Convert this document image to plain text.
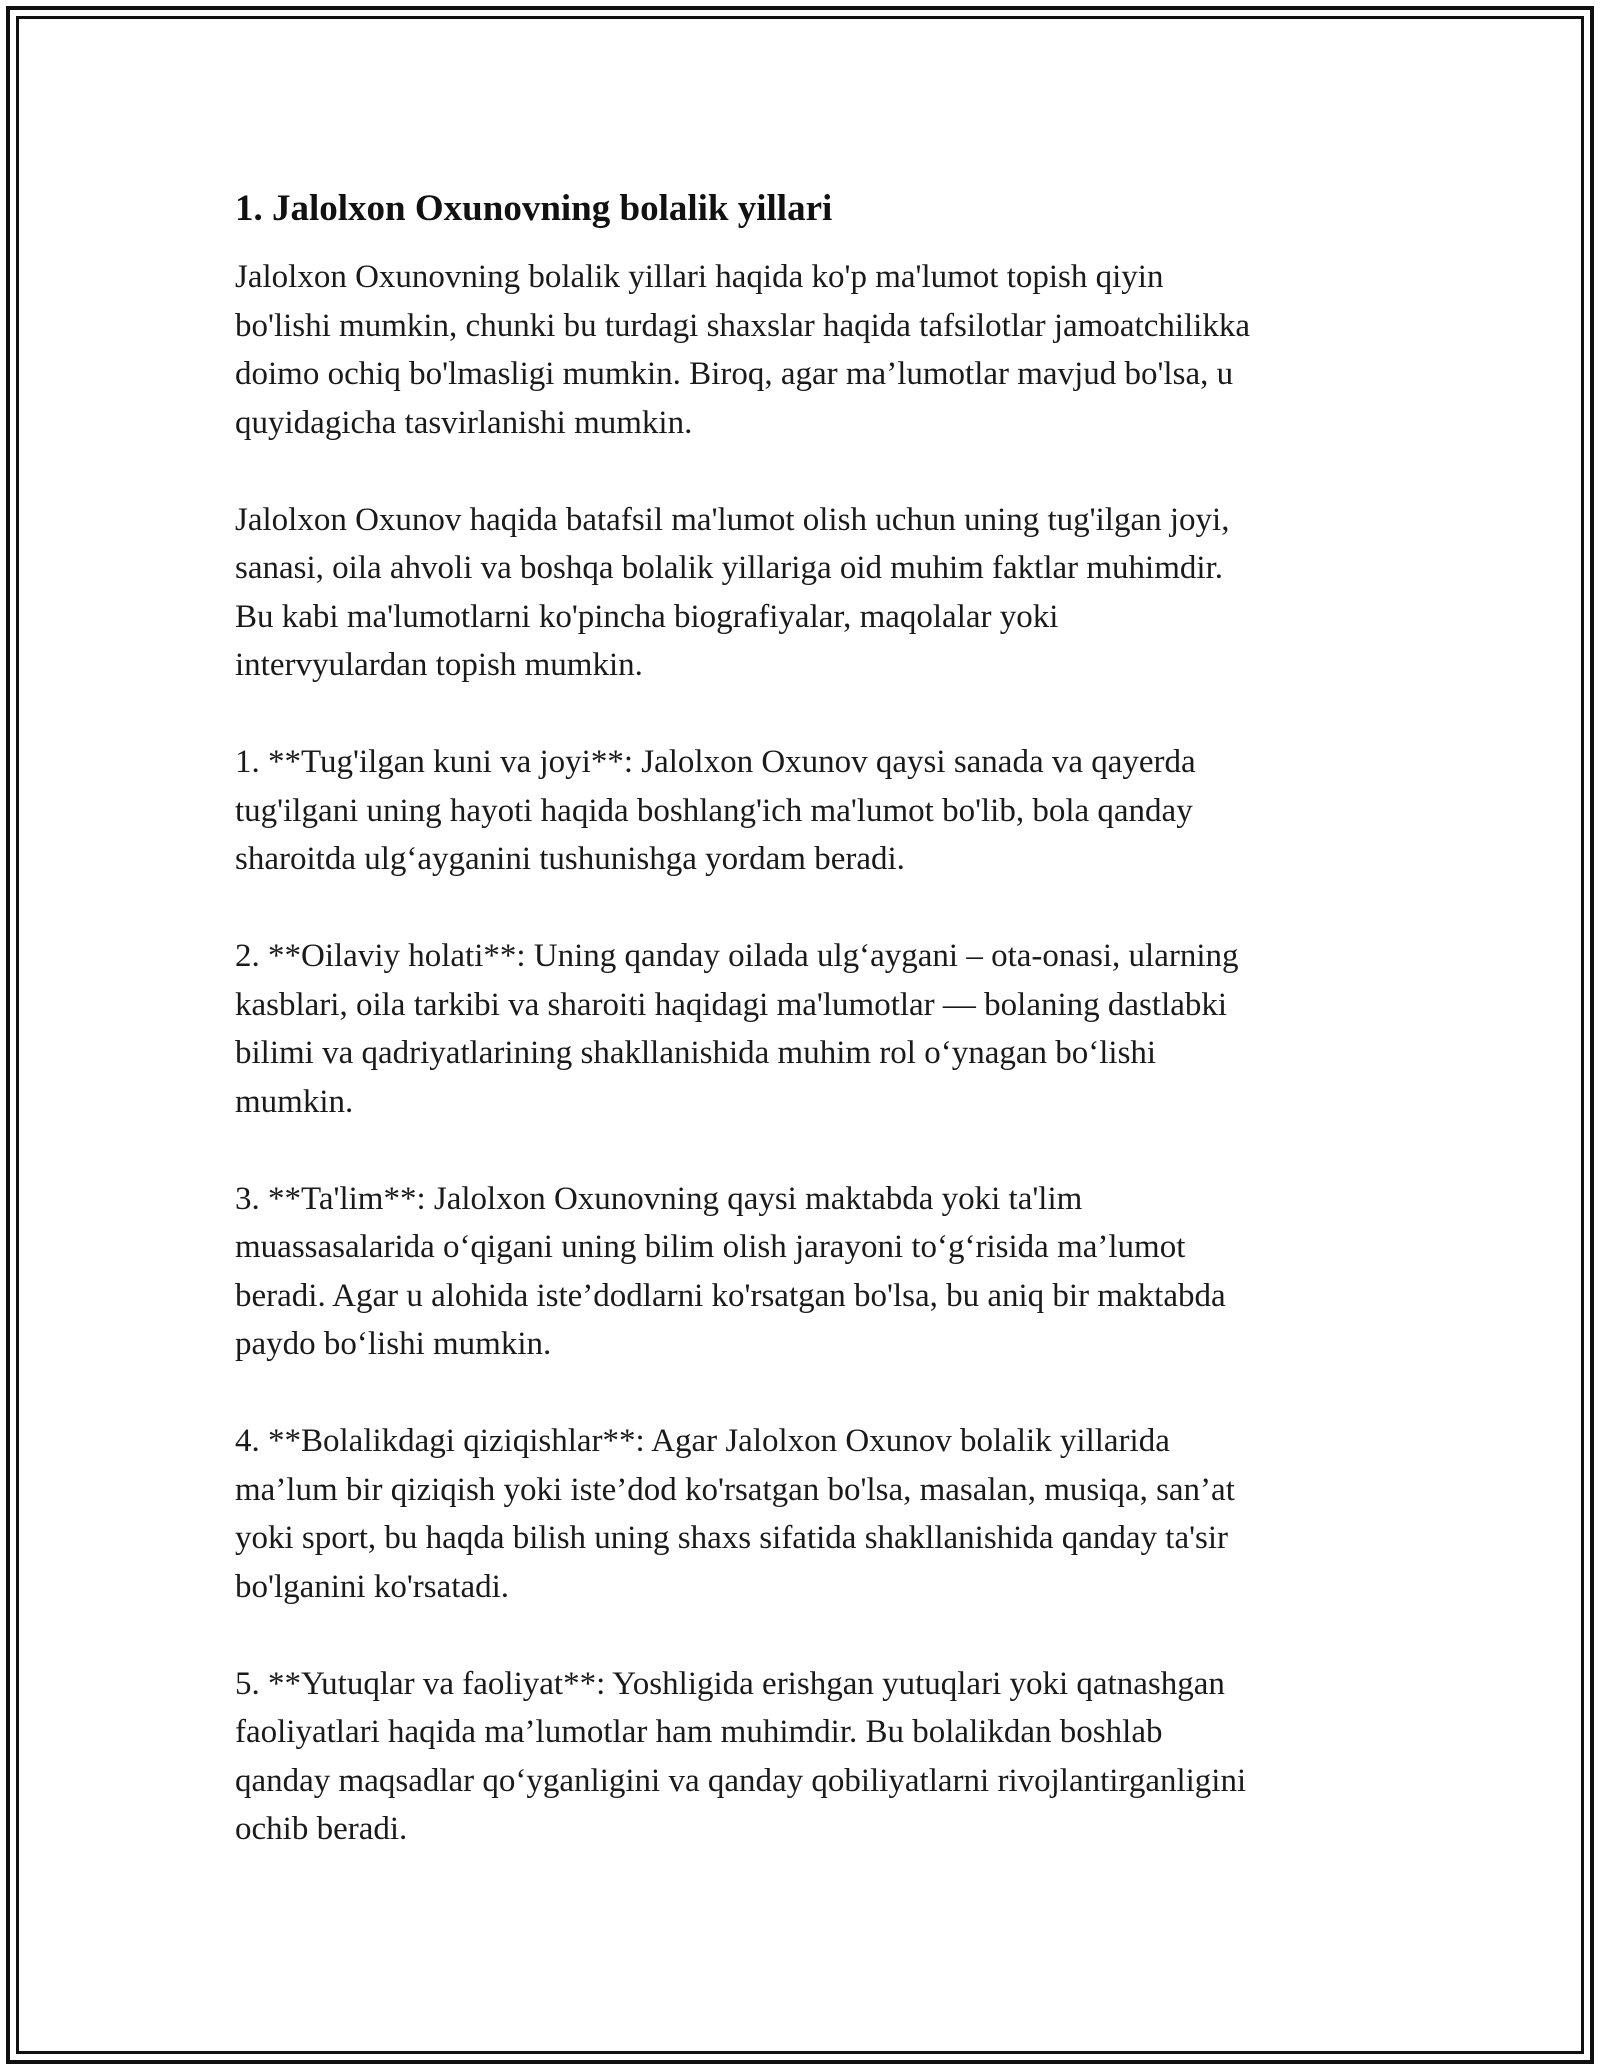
1. Jalolxon Oxunovning bolalik yillari

Jalolxon Oxunovning bolalik yillari haqida ko'p ma'lumot topish qiyin
bo'lishi mumkin, chunki bu turdagi shaxslar haqida tafsilotlar jamoatchilikka
doimo ochiq bo'lmasligi mumkin. Biroq, agar ma’lumotlar mavjud bo'lsa, u
quyidagicha tasvirlanishi mumkin.

Jalolxon Oxunov haqida batafsil ma'lumot olish uchun uning tug'ilgan joyi,
sanasi, oila ahvoli va boshqa bolalik yillariga oid muhim faktlar muhimdir.
Bu kabi ma'lumotlarni ko'pincha biografiyalar, maqolalar yoki
intervyulardan topish mumkin.

1. **Tug'ilgan kuni va joyi**: Jalolxon Oxunov qaysi sanada va qayerda
tug'ilgani uning hayoti haqida boshlang'ich ma'lumot bo'lib, bola qanday
sharoitda ulg‘ayganini tushunishga yordam beradi.

2. **Oilaviy holati**: Uning qanday oilada ulg‘aygani – ota-onasi, ularning
kasblari, oila tarkibi va sharoiti haqidagi ma'lumotlar — bolaning dastlabki
bilimi va qadriyatlarining shakllanishida muhim rol o‘ynagan bo‘lishi
mumkin.

3. **Ta'lim**: Jalolxon Oxunovning qaysi maktabda yoki ta'lim
muassasalarida o‘qigani uning bilim olish jarayoni to‘g‘risida ma’lumot
beradi. Agar u alohida iste’dodlarni ko'rsatgan bo'lsa, bu aniq bir maktabda
paydo bo‘lishi mumkin.

4. **Bolalikdagi qiziqishlar**: Agar Jalolxon Oxunov bolalik yillarida
ma’lum bir qiziqish yoki iste’dod ko'rsatgan bo'lsa, masalan, musiqa, san’at
yoki sport, bu haqda bilish uning shaxs sifatida shakllanishida qanday ta'sir
bo'lganini ko'rsatadi.

5. **Yutuqlar va faoliyat**: Yoshligida erishgan yutuqlari yoki qatnashgan
faoliyatlari haqida ma’lumotlar ham muhimdir. Bu bolalikdan boshlab
qanday maqsadlar qo‘yganligini va qanday qobiliyatlarni rivojlantirganligini
ochib beradi.
